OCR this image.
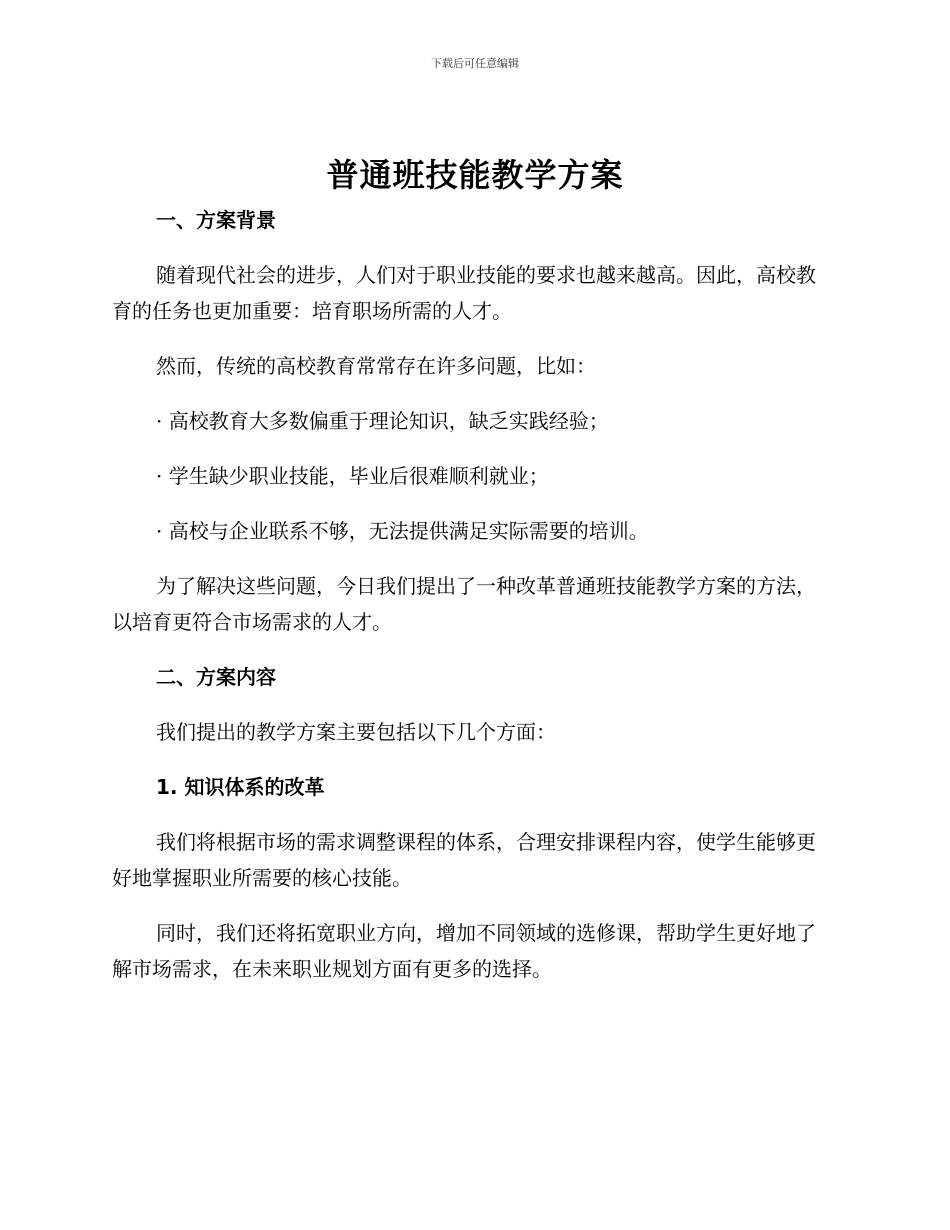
下载后可任意编辑
普通班技能教学方案

一、方案背景

随着现代社会的进步，人们对于职业技能的要求也越来越高。因此，高校教育的任务也更加重要：培育职场所需的人才。

然而，传统的高校教育常常存在许多问题，比如：

· 高校教育大多数偏重于理论知识，缺乏实践经验；

· 学生缺少职业技能，毕业后很难顺利就业；

· 高校与企业联系不够，无法提供满足实际需要的培训。

为了解决这些问题，今日我们提出了一种改革普通班技能教学方案的方法，以培育更符合市场需求的人才。

二、方案内容

我们提出的教学方案主要包括以下几个方面：

1. 知识体系的改革

我们将根据市场的需求调整课程的体系，合理安排课程内容，使学生能够更好地掌握职业所需要的核心技能。

同时，我们还将拓宽职业方向，增加不同领域的选修课，帮助学生更好地了解市场需求，在未来职业规划方面有更多的选择。
